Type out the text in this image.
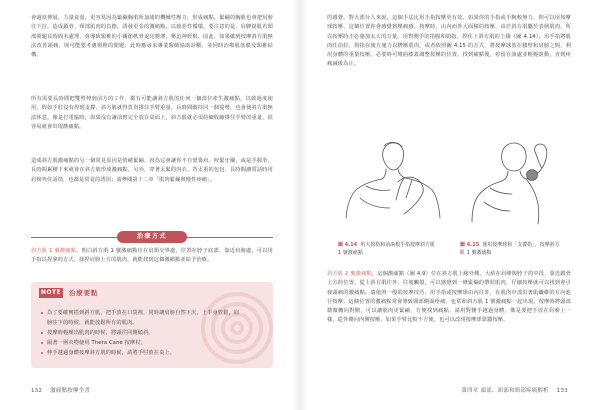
會過度伸展，力量衰弱，更容易因為緊繃胸肌所加諸的機械性壓力，形成痛點。緊繃的胸肌也會把肩膀往下拉，造成鎖骨、頸部肌肉的負擔，誘發更多的激痛點，以致惡性循環。要注意的是，肩胛提肌若頸部問題長時間未處理，會導致頸椎的小關節軟骨退化變薄，壓迫神經根。因此，如果確到按摩斜方肌無法改善頭痛，則可能要考慮頸椎的問題；此時應尋求專業醫師協助診斷，並同時治療肌筋膜及頸椎結構。

所有需要長時間把雙臂伸到前方的工作，都有可能讓斜方肌的任何一個部位產生激痛點，以致過度使用，假如手肘沒有得到支撐，斜方肌就得負責撐住手臂重量。長時間維持同一個姿勢，也會使斜方肌無法休息。像是打電腦時，如果沒有讓前臂完全放在桌面上，斜方肌就必須持續收縮撐住手臂的重量，很容易就會出現激痛點。

造成斜方肌激痛點的另一個常見原因是情緒緊繃，因為它會讓你不自覺聳肩、咬緊牙關，或是手握拳，長時間累積下來就會在斜方肌形成激痛點。另外，穿著太緊的內衣、背太重的包包、長時間講電話時用肩膀夾住話筒，也都是常見的誘因；請參閱第十二章「肌肉緊繃與慢性疼痛」。

治療方式

斜方肌 1 號激痛點，明白斜方肌 1 號激痛點位在肩頸交界處，位置在脖子底部、靠近肩膀處，可以用手指以捏拿的方式，揉捏肩膀上方的肌肉，就能找到這個激痛點並給予治療。

NOTE 治療要點
為了要確實搭到斜方肌，把手放在口袋裡，同時讓肩膀自然下沉，上半身放鬆，肩膀往下的時候，就能放鬆所有的肌肉。
按摩時輕壓出肌肉的時候，將頭往同側傾斜。
隔著一層衣物使用 Thera Cane 按摩杖。
伸手越過身體按摩斜方肌的時候，請將手肘放在桌上。
132 激痛點按摩全書

的感覺。對大部分人來說，這個手法比用手指按摩更有效，如果你的手指或手腕較無力，則可以用按摩球按壓，這個位置你會感覺到壓痛感。按摩時，由內而外大面積的按壓，由於斜方肌屬於表層肌肉，所以按壓時不必施加太大的力量。用對側手的指腹和姆指，捏住上斜方肌的上緣（圖 4.14），用手指將肌肉往前拉，拇指在後方施力以擠壓肌肉。或者依照圖 4.15 的方式，將按摩球放在牆壁和肩膀之間，利用身體的重量按壓，必要時可彎曲膝蓋調整按壓的位置，找到痛點後，停留在該處並輕輕滾動，直到疼痛減緩為止。

圖 4.14 用大拇指和前兩根手指按摩斜方肌 1 號激痛點

圖 4.15 運用按摩球和「支撐指」，按摩斜方肌 1 號激痛點

斜方肌 2 號激痛點，這個激痛點（圖 4.9）位在斜方肌上緣外側，大約在肩峰與脖子的中段、靠近鎖骨上方的位置。從上斜方肌往外、往後觸摸，可以感覺到一條緊繃的帶狀肌肉，仔細按壓就可以找到會引發頭痛的激痛點。請依照一般的按摩技巧，用手指或按摩球由內往外，在肌肉中部沿著肌纖維的方向進行按摩。這個位置的激痛點常會導致頸部側面疼痛，也常和斜方肌 1 號激痛點一起出現。按摩時將頭部微微轉向對側，可以讓肌肉更緊繃，方便找到痛點。請用對側手越過身體，像是要把手放在肩膀上一樣，從外側向內側按壓，如果手臂比較不方便，也可以改用按摩球靠牆按壓。

第四章 頭部、頸部和頸部疼痛解析 133
